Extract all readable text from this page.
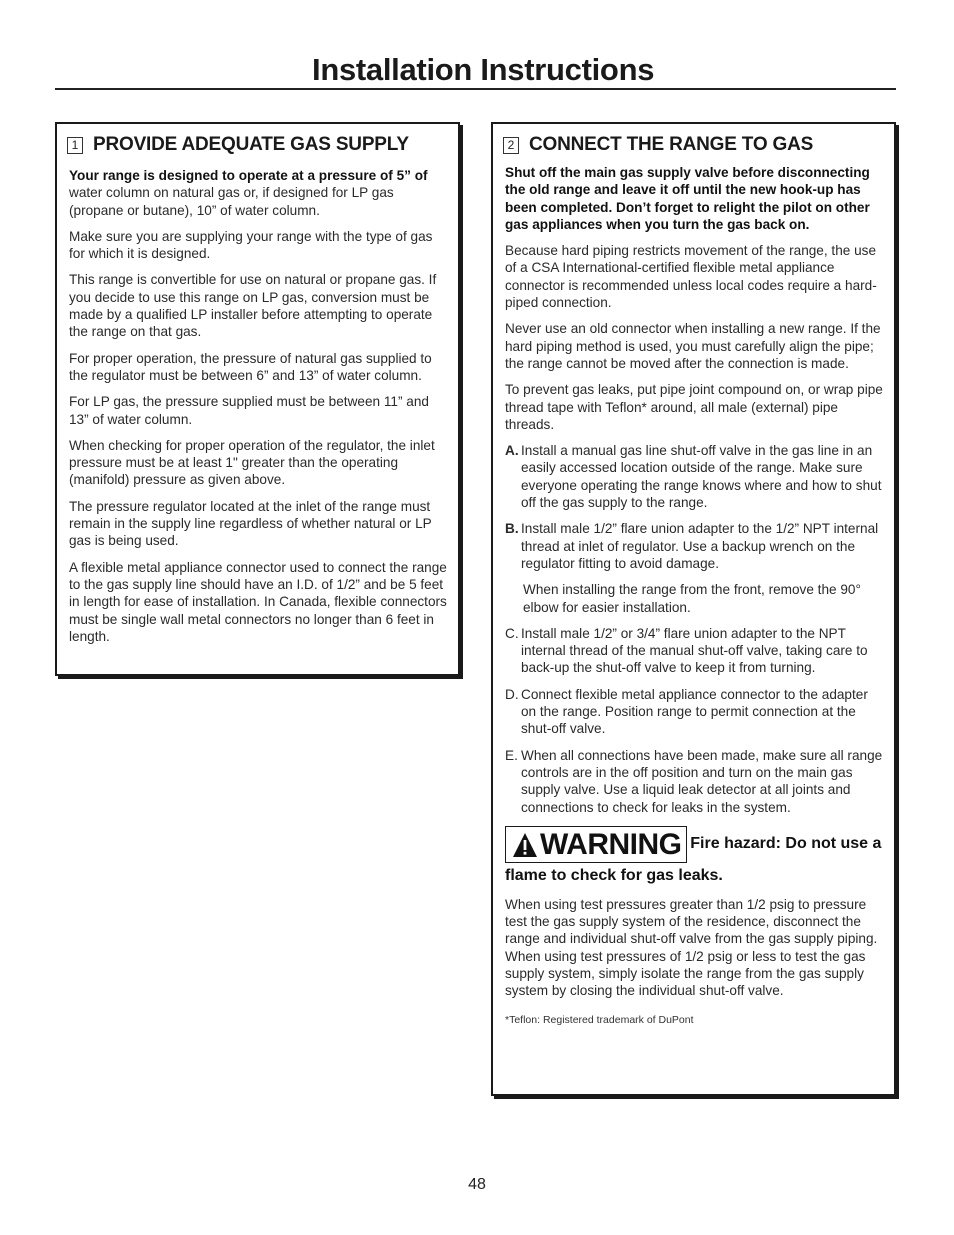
Installation Instructions
1 PROVIDE ADEQUATE GAS SUPPLY

Your range is designed to operate at a pressure of 5” of water column on natural gas or, if designed for LP gas (propane or butane), 10” of water column.

Make sure you are supplying your range with the type of gas for which it is designed.

This range is convertible for use on natural or propane gas. If you decide to use this range on LP gas, conversion must be made by a qualified LP installer before attempting to operate the range on that gas.

For proper operation, the pressure of natural gas supplied to the regulator must be between 6” and 13” of water column.

For LP gas, the pressure supplied must be between 11” and 13” of water column.

When checking for proper operation of the regulator, the inlet pressure must be at least 1" greater than the operating (manifold) pressure as given above.

The pressure regulator located at the inlet of the range must remain in the supply line regardless of whether natural or LP gas is being used.

A flexible metal appliance connector used to connect the range to the gas supply line should have an I.D. of 1/2” and be 5 feet in length for ease of installation. In Canada, flexible connectors must be single wall metal connectors no longer than 6 feet in length.

2 CONNECT THE RANGE TO GAS

Shut off the main gas supply valve before disconnecting the old range and leave it off until the new hook-up has been completed. Don’t forget to relight the pilot on other gas appliances when you turn the gas back on.

Because hard piping restricts movement of the range, the use of a CSA International-certified flexible metal appliance connector is recommended unless local codes require a hard-piped connection.

Never use an old connector when installing a new range. If the hard piping method is used, you must carefully align the pipe; the range cannot be moved after the connection is made.

To prevent gas leaks, put pipe joint compound on, or wrap pipe thread tape with Teflon* around, all male (external) pipe threads.

A. Install a manual gas line shut-off valve in the gas line in an easily accessed location outside of the range. Make sure everyone operating the range knows where and how to shut off the gas supply to the range.
B. Install male 1/2” flare union adapter to the 1/2” NPT internal thread at inlet of regulator. Use a backup wrench on the regulator fitting to avoid damage.

When installing the range from the front, remove the 90° elbow for easier installation.

C. Install male 1/2” or 3/4” flare union adapter to the NPT internal thread of the manual shut-off valve, taking care to back-up the shut-off valve to keep it from turning.
D. Connect flexible metal appliance connector to the adapter on the range. Position range to permit connection at the shut-off valve.
E. When all connections have been made, make sure all range controls are in the off position and turn on the main gas supply valve. Use a liquid leak detector at all joints and connections to check for leaks in the system.
WARNING Fire hazard: Do not use a flame to check for gas leaks.

When using test pressures greater than 1/2 psig to pressure test the gas supply system of the residence, disconnect the range and individual shut-off valve from the gas supply piping. When using test pressures of 1/2 psig or less to test the gas supply system, simply isolate the range from the gas supply system by closing the individual shut-off valve.

*Teflon: Registered trademark of DuPont
48
